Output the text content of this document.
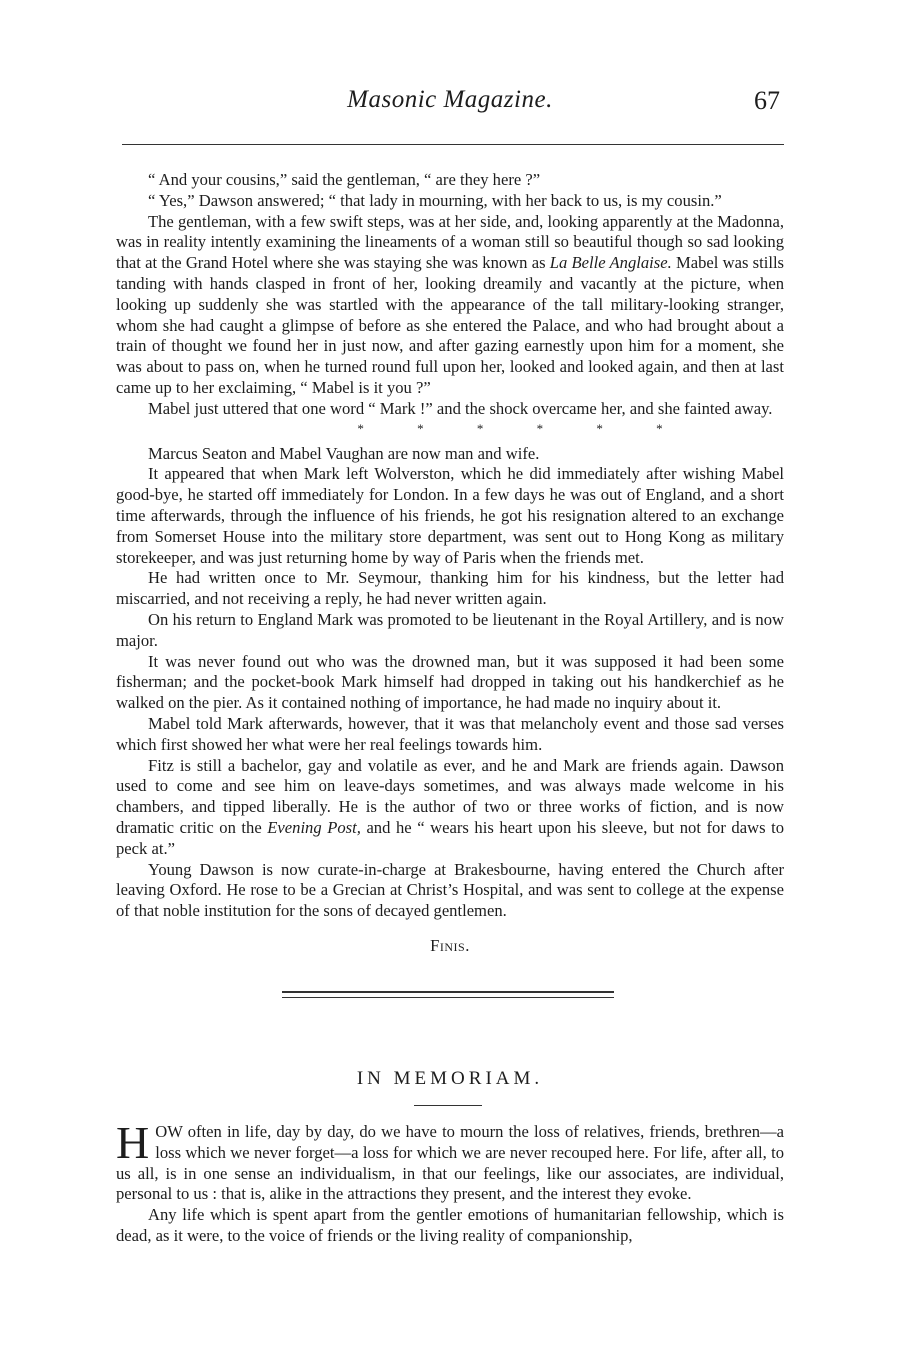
Masonic Magazine.	67

“ And your cousins,” said the gentleman, “ are they here ?”

“ Yes,” Dawson answered; “ that lady in mourning, with her back to us, is my cousin.”

The gentleman, with a few swift steps, was at her side, and, looking apparently at the Madonna, was in reality intently examining the lineaments of a woman still so beautiful though so sad looking that at the Grand Hotel where she was staying she was known as La Belle Anglaise. Mabel was stills tanding with hands clasped in front of her, looking dreamily and vacantly at the picture, when looking up suddenly she was startled with the appearance of the tall military-looking stranger, whom she had caught a glimpse of before as she entered the Palace, and who had brought about a train of thought we found her in just now, and after gazing earnestly upon him for a moment, she was about to pass on, when he turned round full upon her, looked and looked again, and then at last came up to her exclaiming, “ Mabel is it you ?”

Mabel just uttered that one word “ Mark !” and the shock overcame her, and she fainted away.

* * * * * *

Marcus Seaton and Mabel Vaughan are now man and wife.

It appeared that when Mark left Wolverston, which he did immediately after wishing Mabel good-bye, he started off immediately for London. In a few days he was out of England, and a short time afterwards, through the influence of his friends, he got his resignation altered to an exchange from Somerset House into the military store department, was sent out to Hong Kong as military storekeeper, and was just returning home by way of Paris when the friends met.

He had written once to Mr. Seymour, thanking him for his kindness, but the letter had miscarried, and not receiving a reply, he had never written again.

On his return to England Mark was promoted to be lieutenant in the Royal Artillery, and is now major.

It was never found out who was the drowned man, but it was supposed it had been some fisherman; and the pocket-book Mark himself had dropped in taking out his handkerchief as he walked on the pier. As it contained nothing of importance, he had made no inquiry about it.

Mabel told Mark afterwards, however, that it was that melancholy event and those sad verses which first showed her what were her real feelings towards him.

Fitz is still a bachelor, gay and volatile as ever, and he and Mark are friends again. Dawson used to come and see him on leave-days sometimes, and was always made welcome in his chambers, and tipped liberally. He is the author of two or three works of fiction, and is now dramatic critic on the Evening Post, and he “ wears his heart upon his sleeve, but not for daws to peck at.”

Young Dawson is now curate-in-charge at Brakesbourne, having entered the Church after leaving Oxford. He rose to be a Grecian at Christ’s Hospital, and was sent to college at the expense of that noble institution for the sons of decayed gentlemen.

Finis.

IN MEMORIAM.

HOW often in life, day by day, do we have to mourn the loss of relatives, friends, brethren—a loss which we never forget—a loss for which we are never recouped here. For life, after all, to us all, is in one sense an individualism, in that our feelings, like our associates, are individual, personal to us : that is, alike in the attractions they present, and the interest they evoke.

Any life which is spent apart from the gentler emotions of humanitarian fellowship, which is dead, as it were, to the voice of friends or the living reality of companionship,
